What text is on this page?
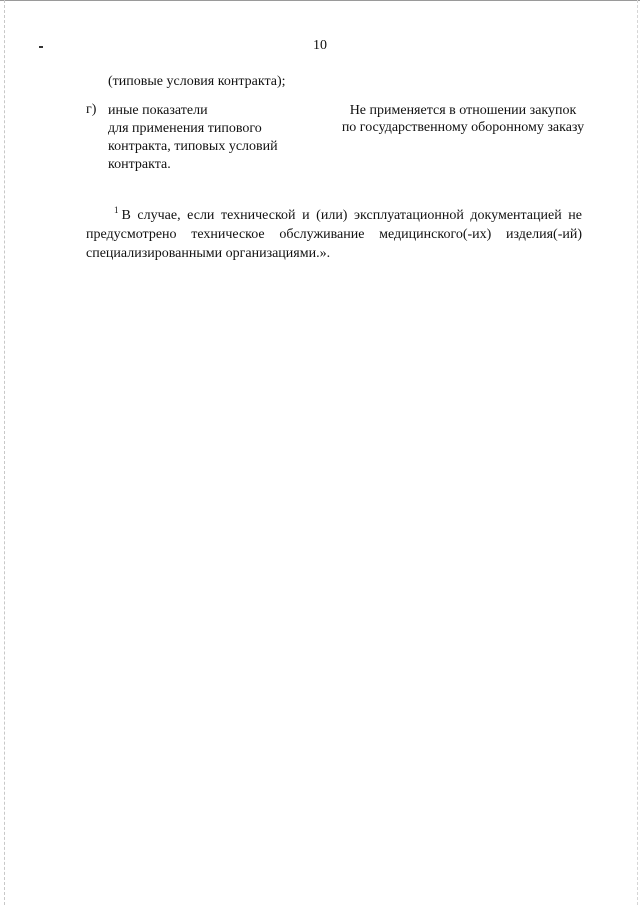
10
(типовые условия контракта);
г) иные показатели
для применения типового
контракта, типовых условий
контракта.
Не применяется в отношении закупок
по государственному оборонному заказу
$^1$ В случае, если технической и (или) эксплуатационной документацией не предусмотрено техническое обслуживание медицинского(-их) изделия(-ий) специализированными организациями.».
